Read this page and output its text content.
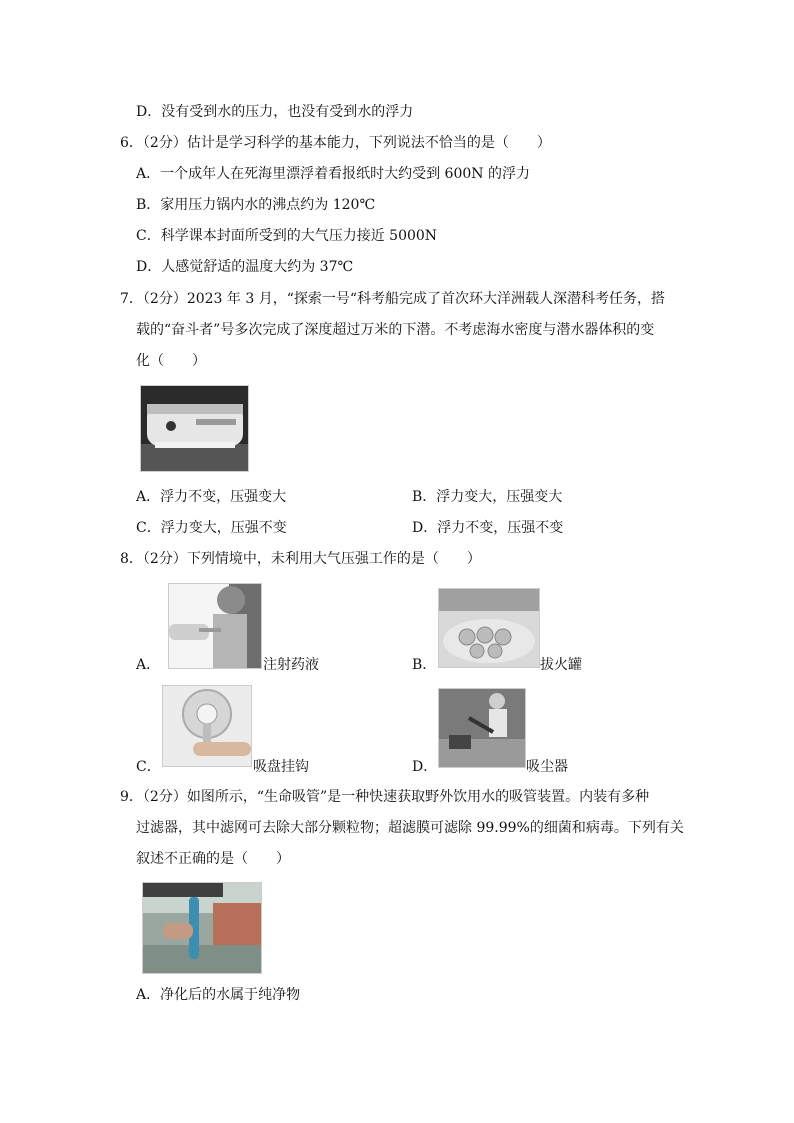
D．没有受到水的压力，也没有受到水的浮力
6．（2分）估计是学习科学的基本能力，下列说法不恰当的是（　　）
A．一个成年人在死海里漂浮着看报纸时大约受到 600N 的浮力
B．家用压力锅内水的沸点约为 120℃
C．科学课本封面所受到的大气压力接近 5000N
D．人感觉舒适的温度大约为 37℃
7．（2分）2023 年 3 月，“探索一号“科考船完成了首次环大洋洲载人深潜科考任务，搭
载的“奋斗者”号多次完成了深度超过万米的下潜。不考虑海水密度与潜水器体积的变
化（　　）
A．浮力不变，压强变大	B．浮力变大，压强变大
C．浮力变大，压强不变	D．浮力不变，压强不变
8．（2分）下列情境中，未利用大气压强工作的是（　　）
A．	注射药液	B．	拔火罐
C．	吸盘挂钩	D．	吸尘器
9．（2分）如图所示，“生命吸管”是一种快速获取野外饮用水的吸管装置。内装有多种
过滤器，其中滤网可去除大部分颗粒物；超滤膜可滤除 99.99%的细菌和病毒。下列有关
叙述不正确的是（　　）
A．净化后的水属于纯净物
